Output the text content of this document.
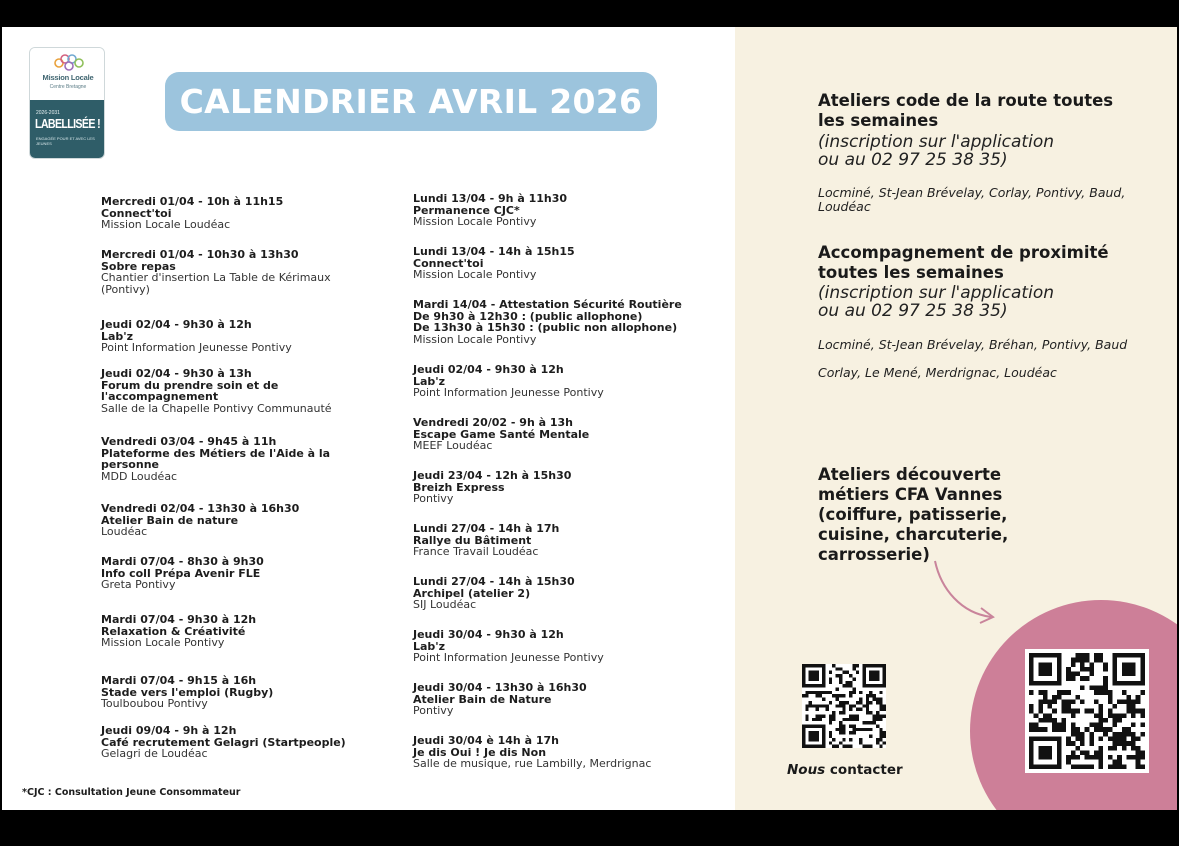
Mission Locale
Centre Bretagne
2026-2031
LABELLISÉE !
ENGAGÉE POUR ET AVEC LES JEUNES
CALENDRIER AVRIL 2026
Mercredi 01/04 - 10h à 11h15
Connect'toi
Mission Locale Loudéac
Mercredi 01/04 - 10h30 à 13h30
Sobre repas
Chantier d'insertion La Table de Kérimaux (Pontivy)
Jeudi 02/04 - 9h30 à 12h
Lab'z
Point Information Jeunesse Pontivy
Jeudi 02/04 - 9h30 à 13h
Forum du prendre soin et de l'accompagnement
Salle de la Chapelle Pontivy Communauté
Vendredi 03/04 - 9h45 à 11h
Plateforme des Métiers de l'Aide à la personne
MDD Loudéac
Vendredi 02/04 - 13h30 à 16h30
Atelier Bain de nature
Loudéac
Mardi 07/04 - 8h30 à 9h30
Info coll Prépa Avenir FLE
Greta Pontivy
Mardi 07/04 - 9h30 à 12h
Relaxation & Créativité
Mission Locale Pontivy
Mardi 07/04 - 9h15 à 16h
Stade vers l'emploi (Rugby)
Toulboubou Pontivy
Jeudi 09/04 - 9h à 12h
Café recrutement Gelagri (Startpeople)
Gelagri de Loudéac
Lundi 13/04 - 9h à 11h30
Permanence CJC*
Mission Locale Pontivy
Lundi 13/04 - 14h à 15h15
Connect'toi
Mission Locale Pontivy
Mardi 14/04 - Attestation Sécurité Routière
De 9h30 à 12h30 : (public allophone)
De 13h30 à 15h30 : (public non allophone)
Mission Locale Pontivy
Jeudi 02/04 - 9h30 à 12h
Lab'z
Point Information Jeunesse Pontivy
Vendredi 20/02 - 9h à 13h
Escape Game Santé Mentale
MEEF Loudéac
Jeudi 23/04 - 12h à 15h30
Breizh Express
Pontivy
Lundi 27/04 - 14h à 17h
Rallye du Bâtiment
France Travail Loudéac
Lundi 27/04 - 14h à 15h30
Archipel (atelier 2)
SIJ Loudéac
Jeudi 30/04 - 9h30 à 12h
Lab'z
Point Information Jeunesse Pontivy
Jeudi 30/04 - 13h30 à 16h30
Atelier Bain de Nature
Pontivy
Jeudi 30/04 è 14h à 17h
Je dis Oui ! Je dis Non
Salle de musique, rue Lambilly, Merdrignac
*CJC : Consultation Jeune Consommateur
Ateliers code de la route toutes les semaines
(inscription sur l'application ou au 02 97 25 38 35)
Locminé, St-Jean Brévelay, Corlay, Pontivy, Baud, Loudéac
Accompagnement de proximité toutes les semaines
(inscription sur l'application ou au 02 97 25 38 35)
Locminé, St-Jean Brévelay, Bréhan, Pontivy, Baud
Corlay, Le Mené, Merdrignac, Loudéac
Ateliers découverte métiers CFA Vannes (coiffure, patisserie, cuisine, charcuterie, carrosserie)
Nous contacter
